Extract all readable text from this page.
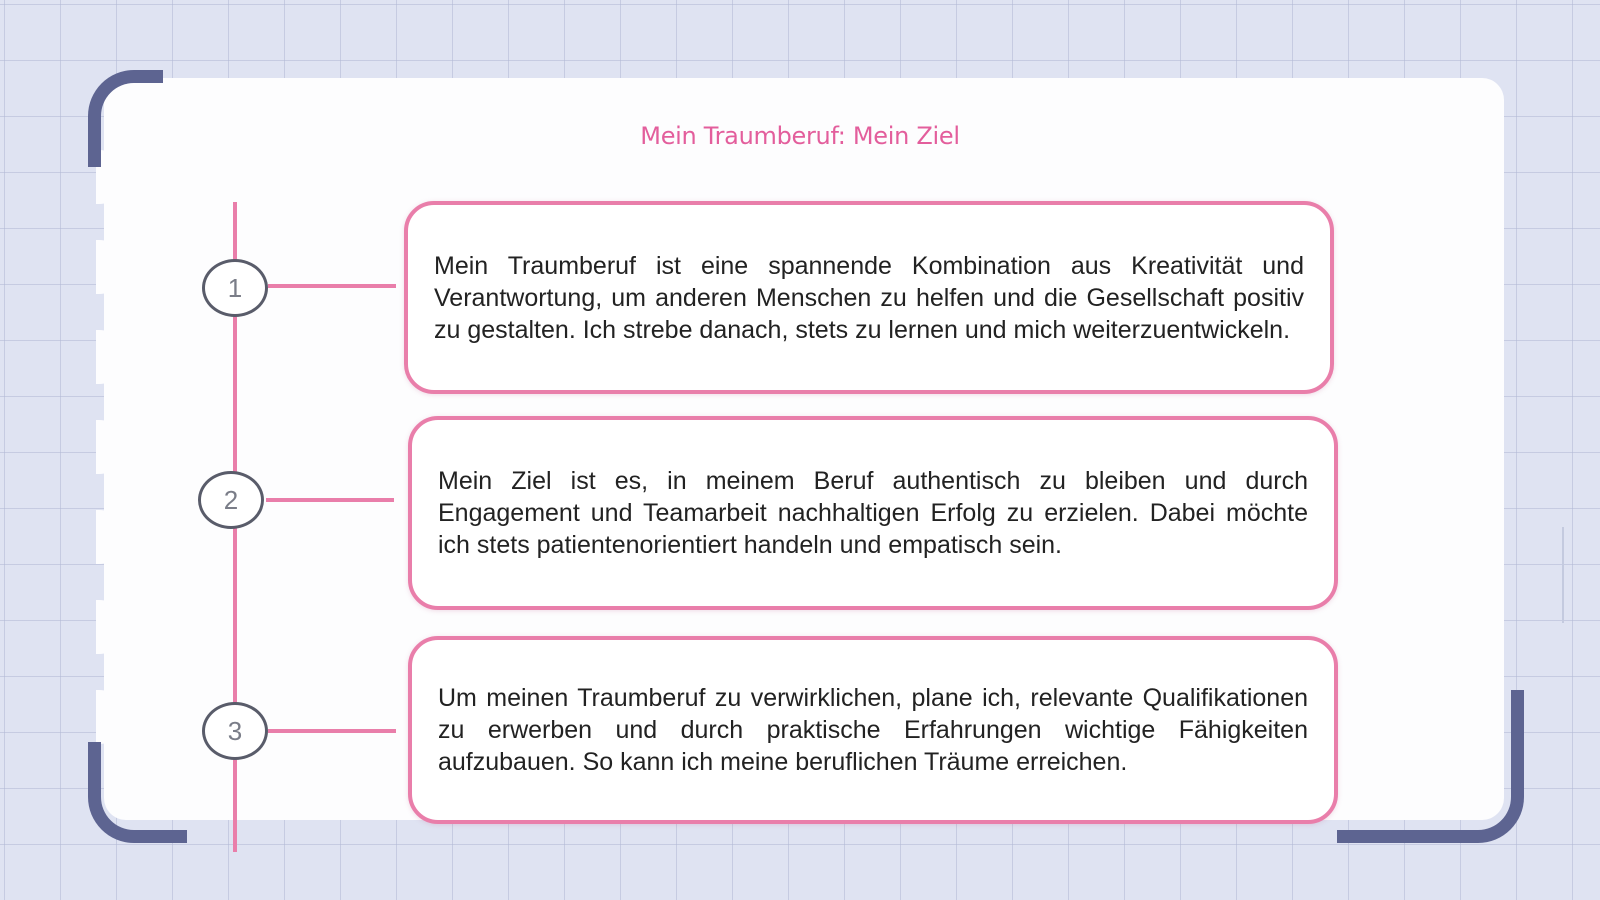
Mein Traumberuf: Mein Ziel
1
2
3

Mein Traumberuf ist eine spannende Kombination aus Kreativität und Verantwortung, um anderen Menschen zu helfen und die Gesellschaft positiv zu gestalten. Ich strebe danach, stets zu lernen und mich weiterzuentwickeln.

Mein Ziel ist es, in meinem Beruf authentisch zu bleiben und durch Engagement und Teamarbeit nachhaltigen Erfolg zu erzielen. Dabei möchte ich stets patientenorientiert handeln und empatisch sein.

Um meinen Traumberuf zu verwirklichen, plane ich, relevante Qualifikationen zu erwerben und durch praktische Erfahrungen wichtige Fähigkeiten aufzubauen. So kann ich meine beruflichen Träume erreichen.
